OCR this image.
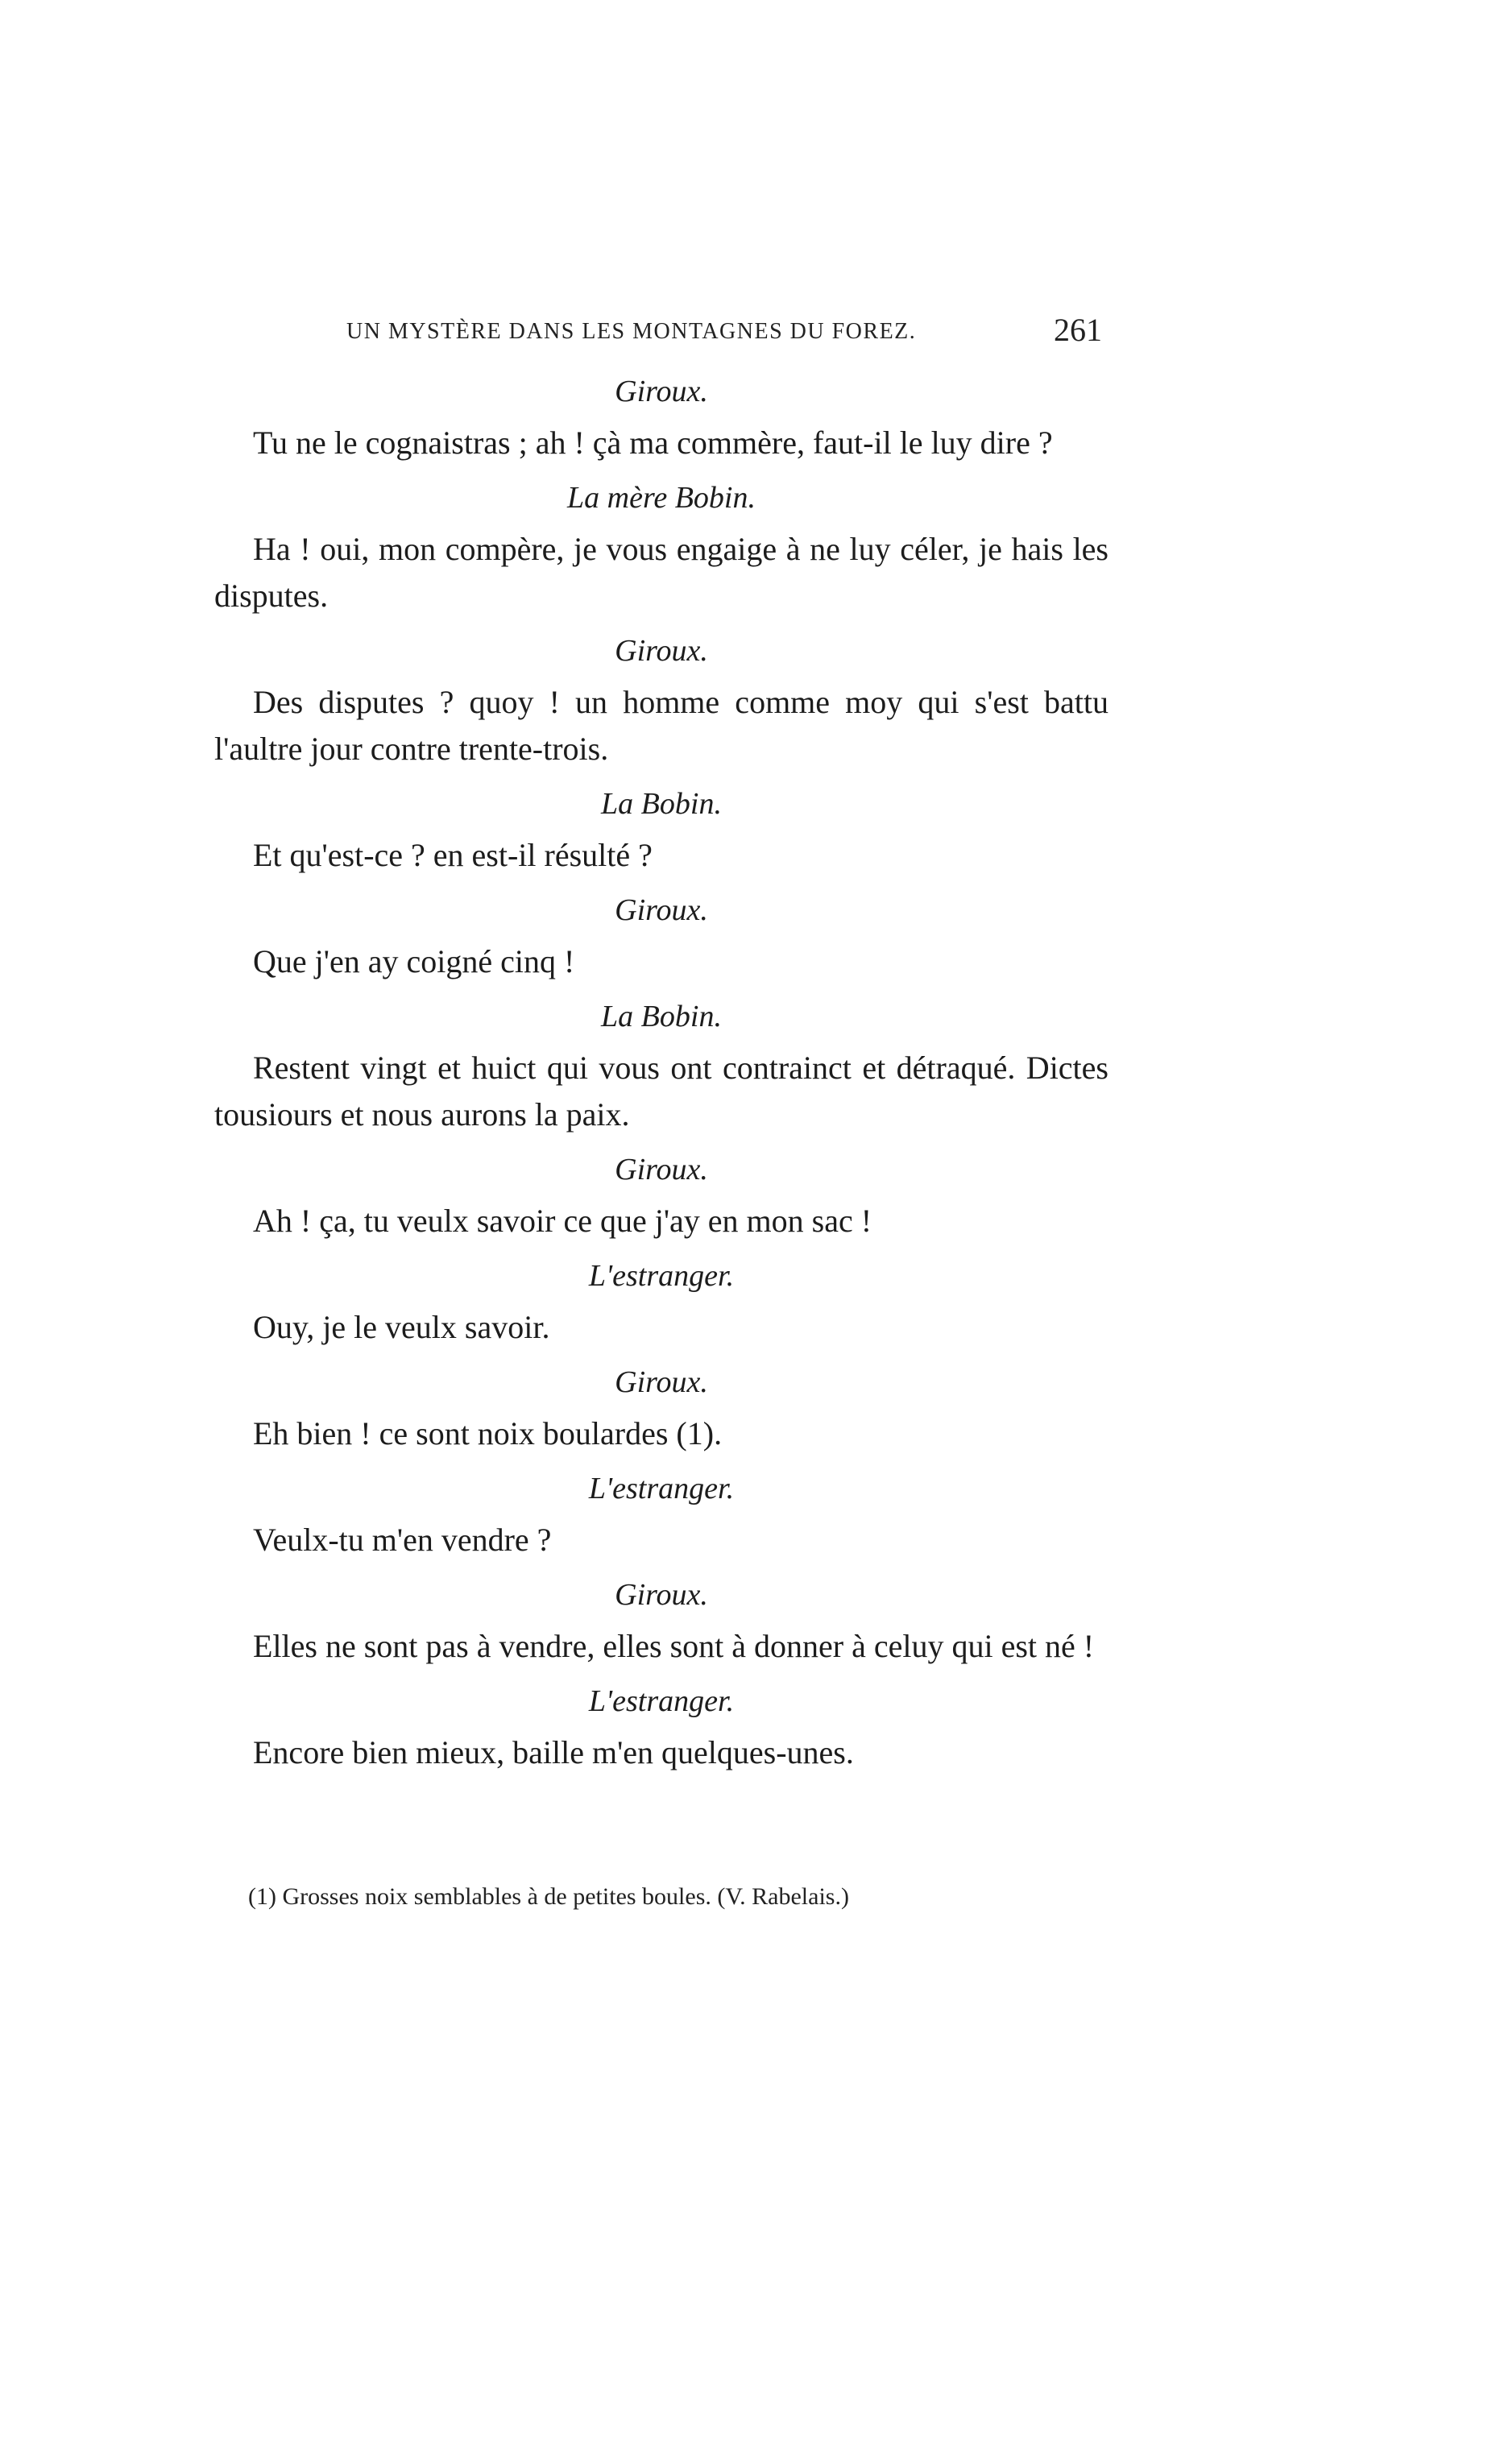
UN MYSTÈRE DANS LES MONTAGNES DU FOREZ.	261

Giroux.

Tu ne le cognaistras ; ah ! çà ma commère, faut-il le luy dire ?

La mère Bobin.

Ha ! oui, mon compère, je vous engaige à ne luy céler, je hais les disputes.

Giroux.

Des disputes ? quoy ! un homme comme moy qui s'est battu l'aultre jour contre trente-trois.

La Bobin.

Et qu'est-ce ? en est-il résulté ?

Giroux.

Que j'en ay coigné cinq !

La Bobin.

Restent vingt et huict qui vous ont contrainct et détraqué. Dictes tousiours et nous aurons la paix.

Giroux.

Ah ! ça, tu veulx savoir ce que j'ay en mon sac !

L'estranger.

Ouy, je le veulx savoir.

Giroux.

Eh bien ! ce sont noix boulardes (1).

L'estranger.

Veulx-tu m'en vendre ?

Giroux.

Elles ne sont pas à vendre, elles sont à donner à celuy qui est né !

L'estranger.

Encore bien mieux, baille m'en quelques-unes.

(1) Grosses noix semblables à de petites boules. (V. Rabelais.)
